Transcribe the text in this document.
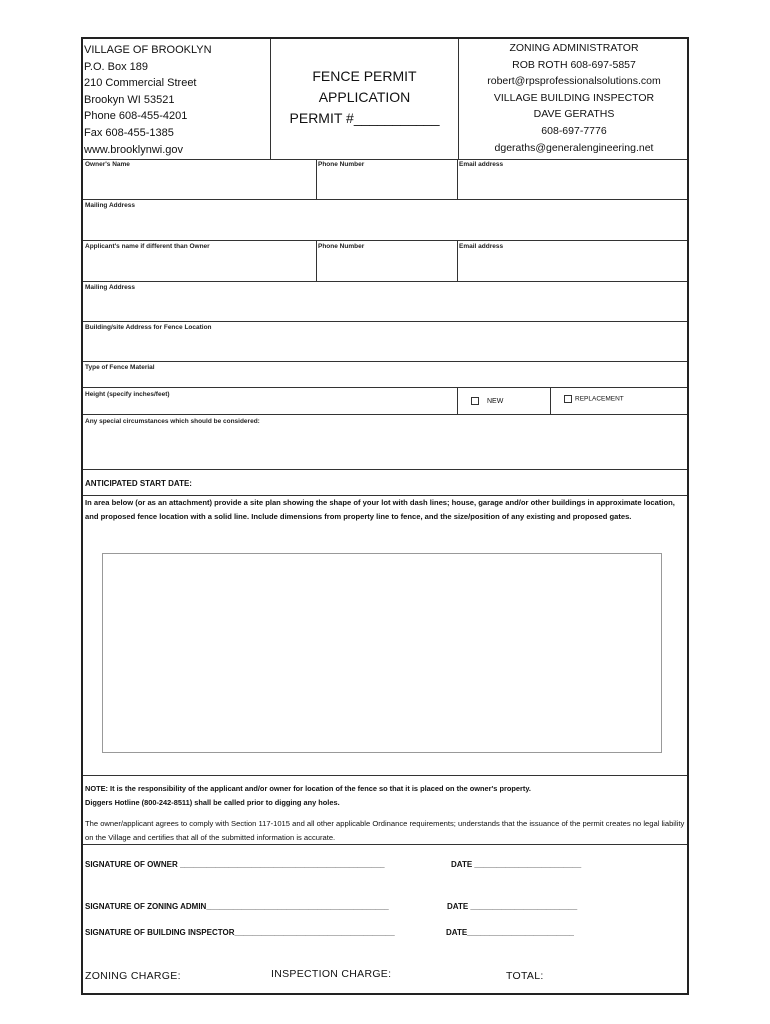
VILLAGE OF BROOKLYN
P.O. Box 189
210 Commercial Street
Brookyn WI 53521
Phone 608-455-4201
Fax 608-455-1385
www.brooklynwi.gov
FENCE PERMIT
APPLICATION
PERMIT #___________
ZONING ADMINISTRATOR
ROB ROTH 608-697-5857
robert@rpsprofessionalsolutions.com
VILLAGE BUILDING INSPECTOR
DAVE GERATHS
608-697-7776
dgeraths@generalengineering.net
Owner's Name	Phone Number	Email address
Mailing Address
Applicant's name if different than Owner	Phone Number	Email address
Mailing Address
Building/site Address for Fence Location
Type of Fence Material
Height (specify inches/feet)
NEW	REPLACEMENT
Any special circumstances which should be considered:
ANTICIPATED START DATE:
In area below (or as an attachment) provide a site plan showing the shape of your lot with dash lines; house, garage and/or other buildings in approximate location, and proposed fence location with a solid line. Include dimensions from property line to fence, and the size/position of any existing and proposed gates.
NOTE: It is the responsibility of the applicant and/or owner for location of the fence so that it is placed on the owner's property.
Diggers Hotline (800-242-8511) shall be called prior to digging any holes.
The owner/applicant agrees to comply with Section 117-1015 and all other applicable Ordinance requirements; understands that the issuance of the permit creates no legal liability on the Village and certifies that all of the submitted information is accurate.
SIGNATURE OF OWNER ______________________________________________	DATE ________________________
SIGNATURE OF ZONING ADMIN_________________________________________	DATE ________________________
SIGNATURE OF BUILDING INSPECTOR____________________________________	DATE________________________
ZONING CHARGE:	INSPECTION CHARGE:	TOTAL:
